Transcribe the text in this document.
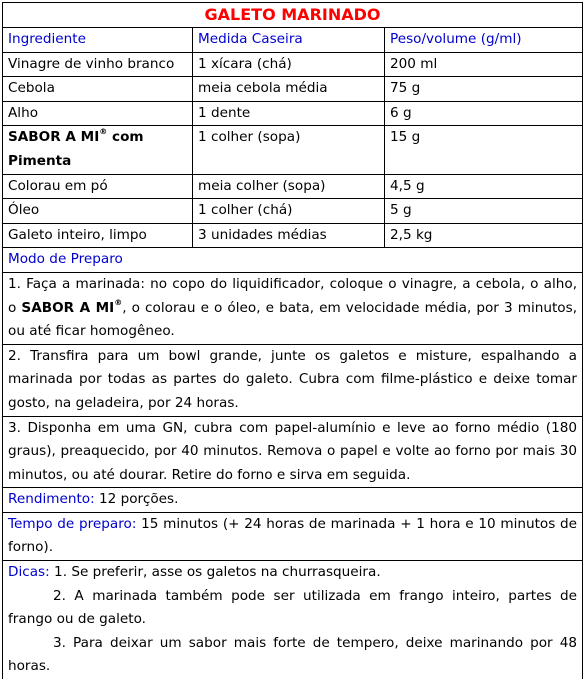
GALETO MARINADO		
Ingrediente	Medida Caseira	Peso/volume (g/ml)
Vinagre de vinho branco	1 xícara (chá)	200 ml
Cebola	meia cebola média	75 g
Alho	1 dente	6 g
SABOR A MI® com Pimenta	1 colher (sopa)	15 g
Colorau em pó	meia colher (sopa)	4,5 g
Óleo	1 colher (chá)	5 g
Galeto inteiro, limpo	3 unidades médias	2,5 kg
Modo de Preparo		
1. Faça a marinada: no copo do liquidificador, coloque o vinagre, a cebola, o alho, o SABOR A MI®, o colorau e o óleo, e bata, em velocidade média, por 3 minutos, ou até ficar homogêneo.		
2. Transfira para um bowl grande, junte os galetos e misture, espalhando a marinada por todas as partes do galeto. Cubra com filme-plástico e deixe tomar gosto, na geladeira, por 24 horas.		
3. Disponha em uma GN, cubra com papel-alumínio e leve ao forno médio (180 graus), preaquecido, por 40 minutos. Remova o papel e volte ao forno por mais 30 minutos, ou até dourar. Retire do forno e sirva em seguida.		
Rendimento: 12 porções.		
Tempo de preparo: 15 minutos (+ 24 horas de marinada + 1 hora e 10 minutos de forno).		

Dicas: 1. Se preferir, asse os galetos na churrasqueira.
2. A marinada também pode ser utilizada em frango inteiro, partes de frango ou de galeto.
3. Para deixar um sabor mais forte de tempero, deixe marinando por 48 horas.		
